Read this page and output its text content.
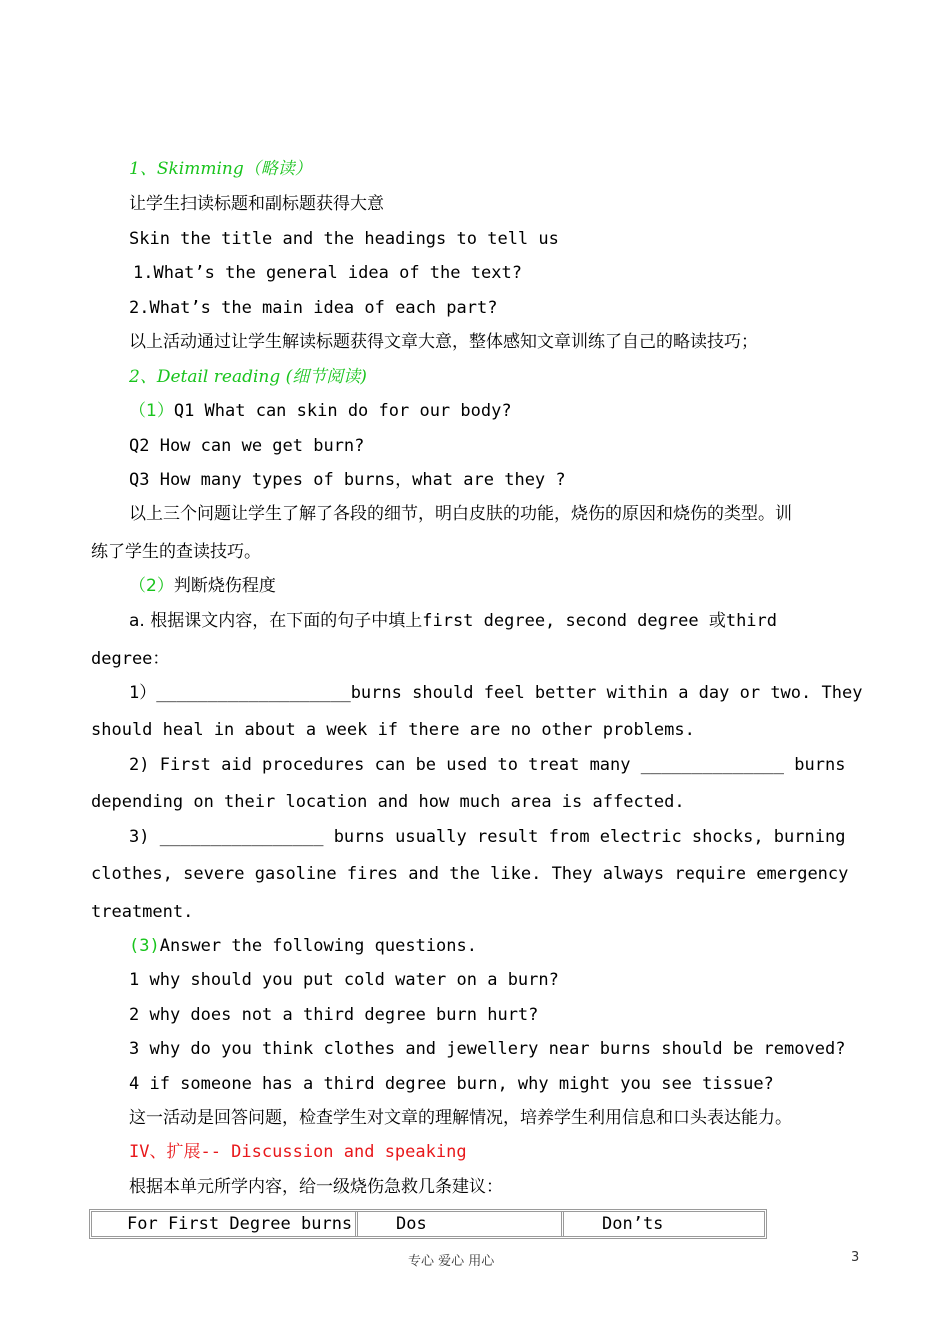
1、Skimming（略读）
让学生扫读标题和副标题获得大意
Skin the title and the headings to tell us
1.What’s the general idea of the text?
2.What’s the main idea of each part?
以上活动通过让学生解读标题获得文章大意，整体感知文章训练了自己的略读技巧；
2、Detail reading (细节阅读)
（1）Q1 What can skin do for our body?
Q2 How can we get burn?
Q3 How many types of burns，what are they ?
以上三个问题让学生了解了各段的细节，明白皮肤的功能，烧伤的原因和烧伤的类型。训
练了学生的查读技巧。
（2）判断烧伤程度
a. 根据课文内容，在下面的句子中填上first degree, second degree 或third
degree：
1）___________________burns should feel better within a day or two. They
should heal in about a week if there are no other problems.
2) First aid procedures can be used to treat many ______________ burns
depending on their location and how much area is affected.
3) ________________ burns usually result from electric shocks, burning
clothes, severe gasoline fires and the like. They always require emergency
treatment.
(3)Answer the following questions.
1 why should you put cold water on a burn?
2 why does not a third degree burn hurt?
3 why do you think clothes and jewellery near burns should be removed?
4 if someone has a third degree burn, why might you see tissue?
这一活动是回答问题，检查学生对文章的理解情况，培养学生利用信息和口头表达能力。
IV、扩展-- Discussion and speaking
根据本单元所学内容，给一级烧伤急救几条建议：
For First Degree burns	Dos	Don’ts
专心 爱心 用心	3
